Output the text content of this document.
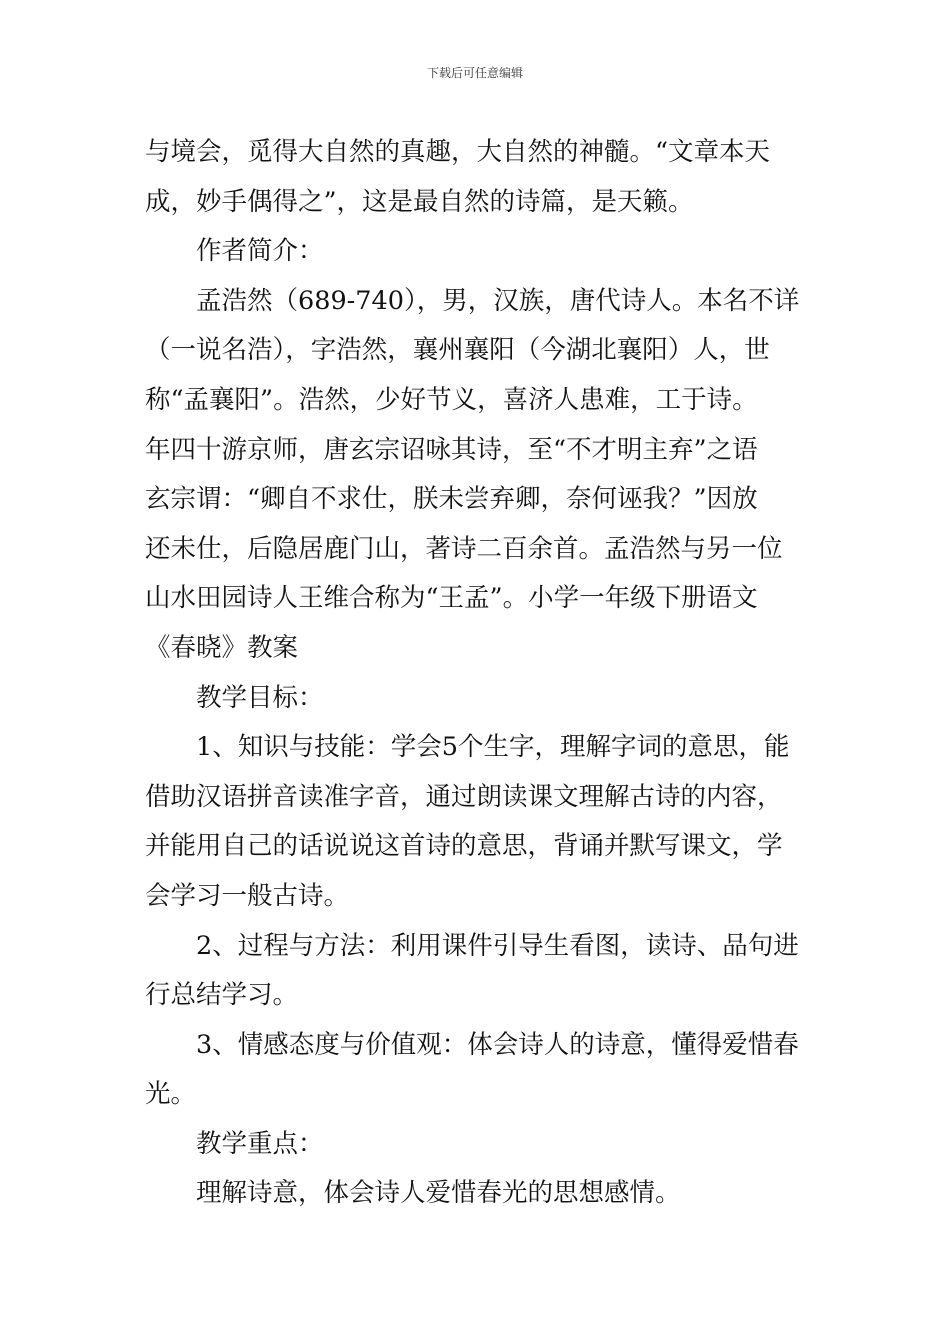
下载后可任意编辑
与境会，觅得大自然的真趣，大自然的神髓。“文章本天
成，妙手偶得之”，这是最自然的诗篇，是天籁。
作者简介：
孟浩然（689-740），男，汉族，唐代诗人。本名不详
（一说名浩），字浩然，襄州襄阳（今湖北襄阳）人，世
称“孟襄阳”。浩然，少好节义，喜济人患难，工于诗。
年四十游京师，唐玄宗诏咏其诗，至“不才明主弃”之语
玄宗谓：“卿自不求仕，朕未尝弃卿，奈何诬我？”因放
还未仕，后隐居鹿门山，著诗二百余首。孟浩然与另一位
山水田园诗人王维合称为“王孟”。小学一年级下册语文
《春晓》教案
教学目标：
1、知识与技能：学会5个生字，理解字词的意思，能
借助汉语拼音读准字音，通过朗读课文理解古诗的内容，
并能用自己的话说说这首诗的意思，背诵并默写课文，学
会学习一般古诗。
2、过程与方法：利用课件引导生看图，读诗、品句进
行总结学习。
3、情感态度与价值观：体会诗人的诗意，懂得爱惜春
光。
教学重点：
理解诗意，体会诗人爱惜春光的思想感情。
